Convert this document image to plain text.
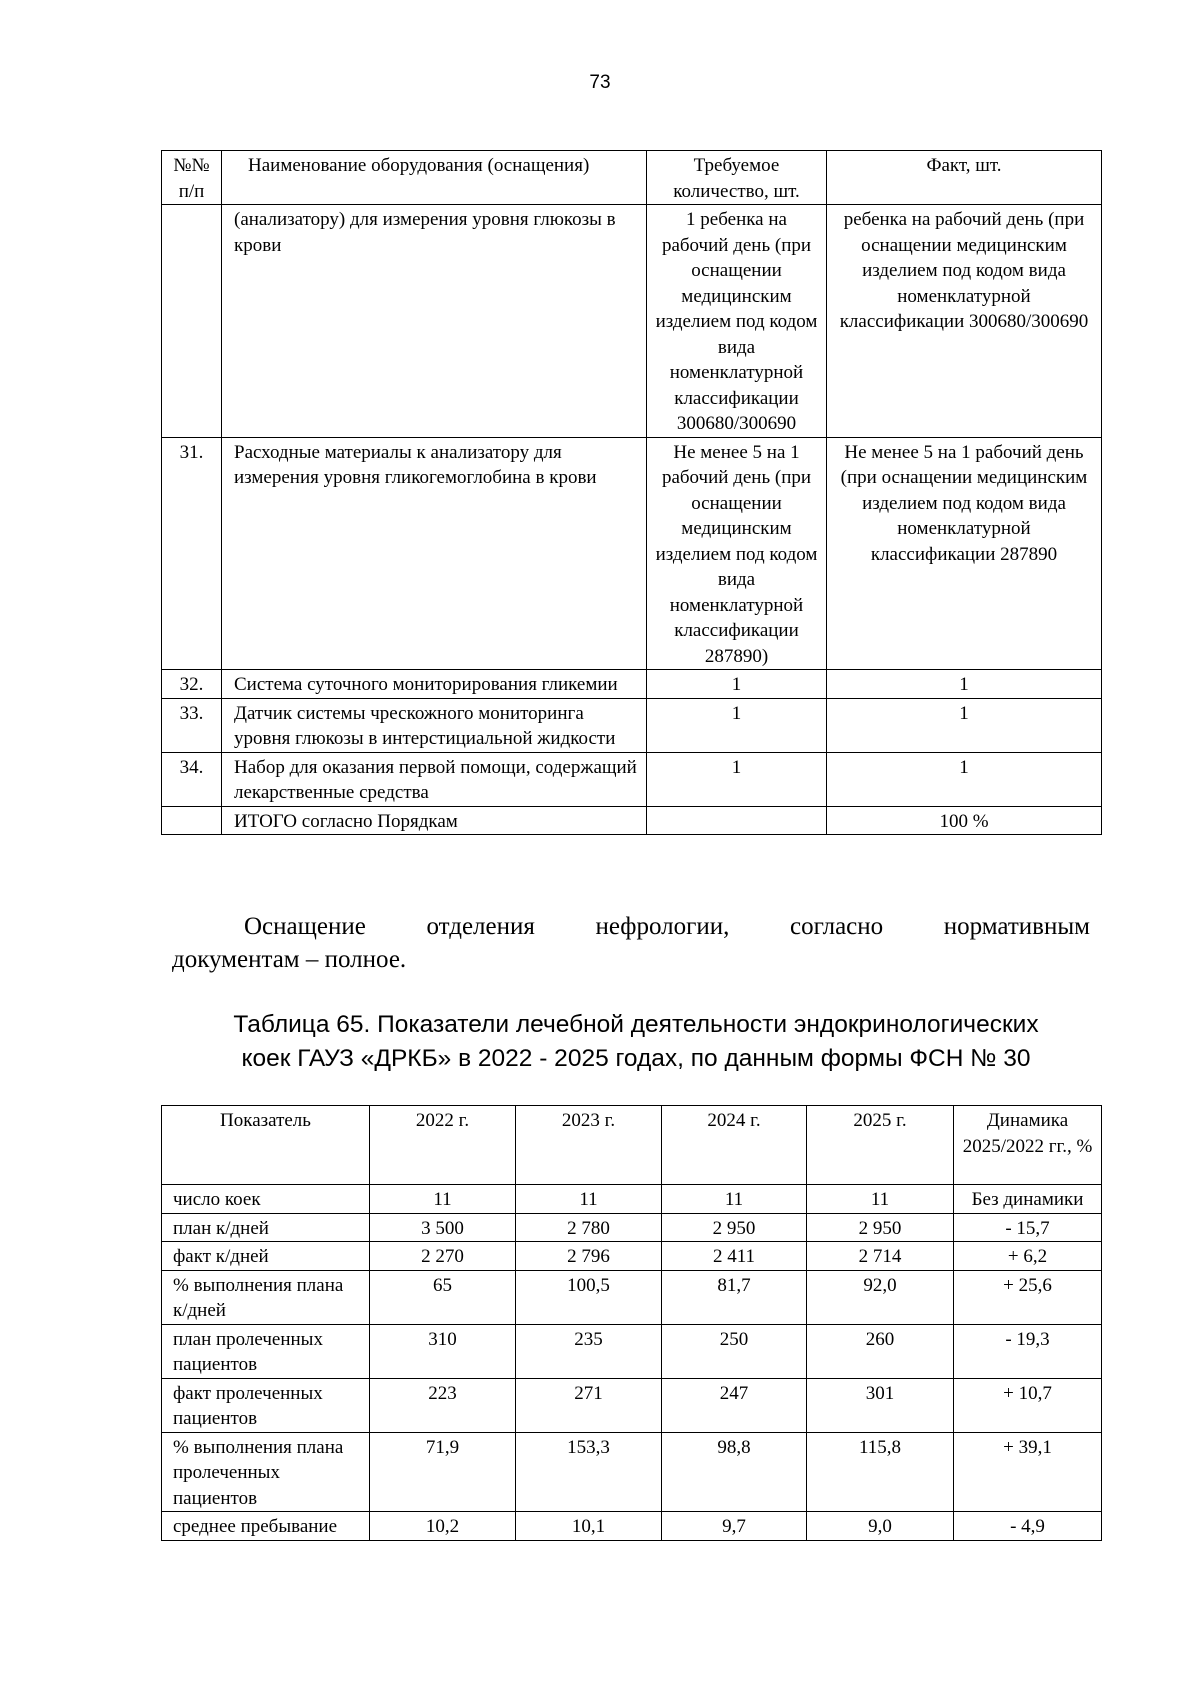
73
№№ п/п	Наименование оборудования (оснащения)	Требуемое количество, шт.	Факт, шт.
	(анализатору) для измерения уровня глюкозы в крови	1 ребенка на рабочий день (при оснащении медицинским изделием под кодом вида номенклатурной классификации 300680/300690	ребенка на рабочий день (при оснащении медицинским изделием под кодом вида номенклатурной классификации 300680/300690
31.	Расходные материалы к анализатору для измерения уровня гликогемоглобина в крови	Не менее 5 на 1 рабочий день (при оснащении медицинским изделием под кодом вида номенклатурной классификации 287890)	Не менее 5 на 1 рабочий день (при оснащении медицинским изделием под кодом вида номенклатурной классификации 287890
32.	Система суточного мониторирования гликемии	1	1
33.	Датчик системы чрескожного мониторинга уровня глюкозы в интерстициальной жидкости	1	1
34.	Набор для оказания первой помощи, содержащий лекарственные средства	1	1
	ИТОГО согласно Порядкам		100 %
Оснащение отделения нефрологии, согласно нормативным
документам – полное.
Таблица 65. Показатели лечебной деятельности эндокринологических
коек ГАУЗ «ДРКБ» в 2022 - 2025 годах, по данным формы ФСН № 30
Показатель	2022 г.	2023 г.	2024 г.	2025 г.	Динамика 2025/2022 гг., %
число коек	11	11	11	11	Без динамики
план к/дней	3 500	2 780	2 950	2 950	- 15,7
факт к/дней	2 270	2 796	2 411	2 714	+ 6,2
% выполнения плана к/дней	65	100,5	81,7	92,0	+ 25,6
план пролеченных пациентов	310	235	250	260	- 19,3
факт пролеченных пациентов	223	271	247	301	+ 10,7
% выполнения плана пролеченных пациентов	71,9	153,3	98,8	115,8	+ 39,1
среднее пребывание	10,2	10,1	9,7	9,0	- 4,9
